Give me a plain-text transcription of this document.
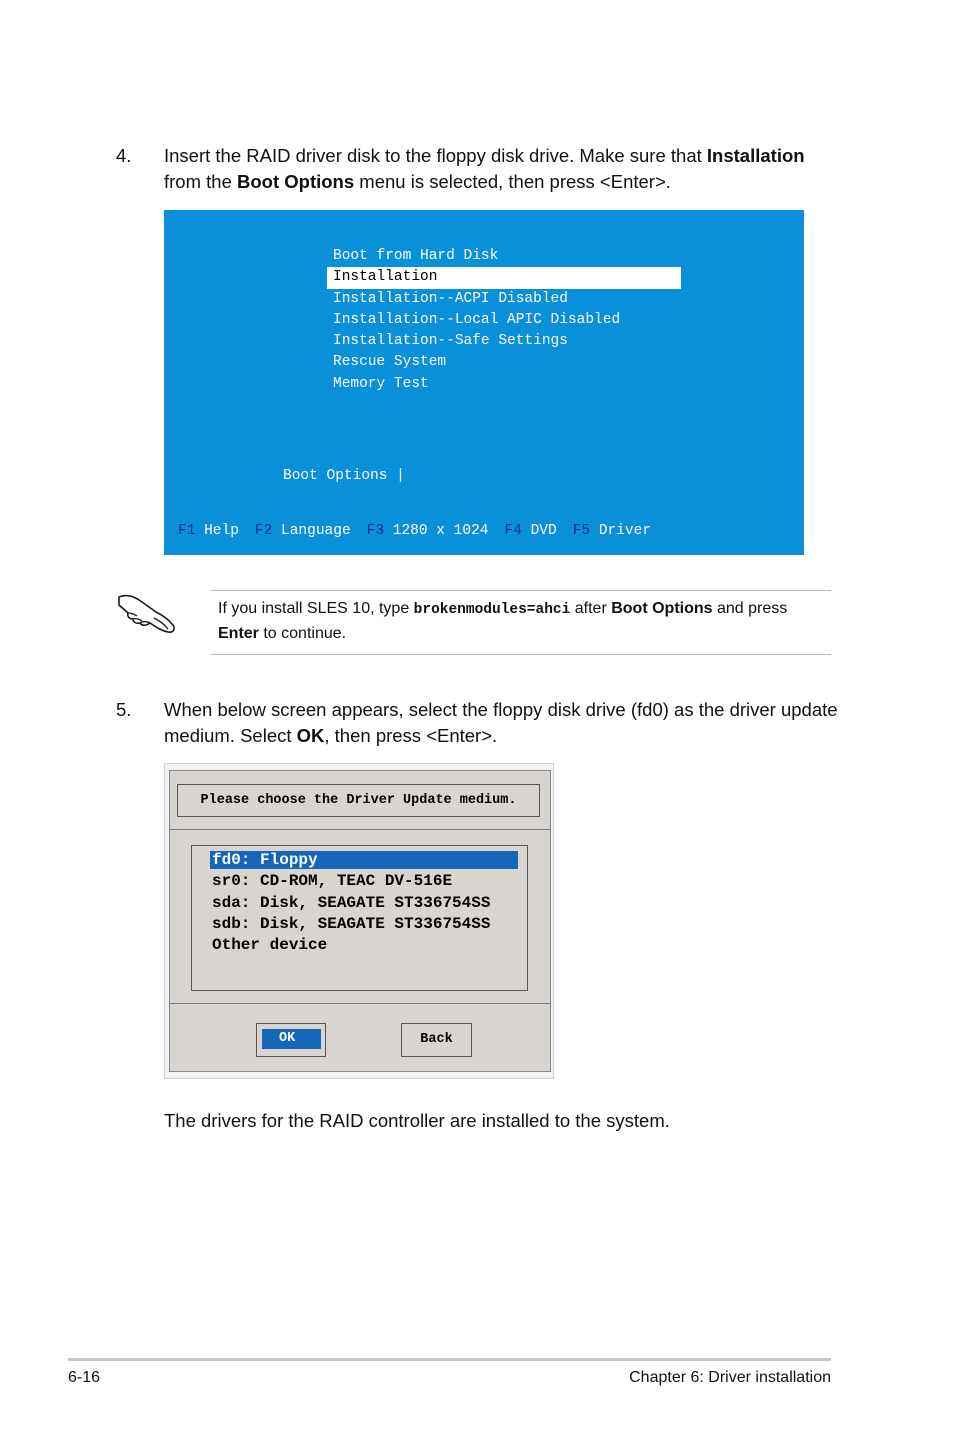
4. Insert the RAID driver disk to the floppy disk drive. Make sure that Installation from the Boot Options menu is selected, then press <Enter>.
Boot from Hard Disk
Installation
Installation--ACPI Disabled
Installation--Local APIC Disabled
Installation--Safe Settings
Rescue System
Memory Test
Boot Options |
F1 Help F2 Language F3 1280 x 1024 F4 DVD F5 Driver
If you install SLES 10, type brokenmodules=ahci after Boot Options and press Enter to continue.
5. When below screen appears, select the floppy disk drive (fd0) as the driver update medium. Select OK, then press <Enter>.
Please choose the Driver Update medium.
fd0: Floppy
sr0: CD-ROM, TEAC DV-516E
sda: Disk, SEAGATE ST336754SS
sdb: Disk, SEAGATE ST336754SS
Other device
OK	Back
The drivers for the RAID controller are installed to the system.
6-16	Chapter 6: Driver installation
